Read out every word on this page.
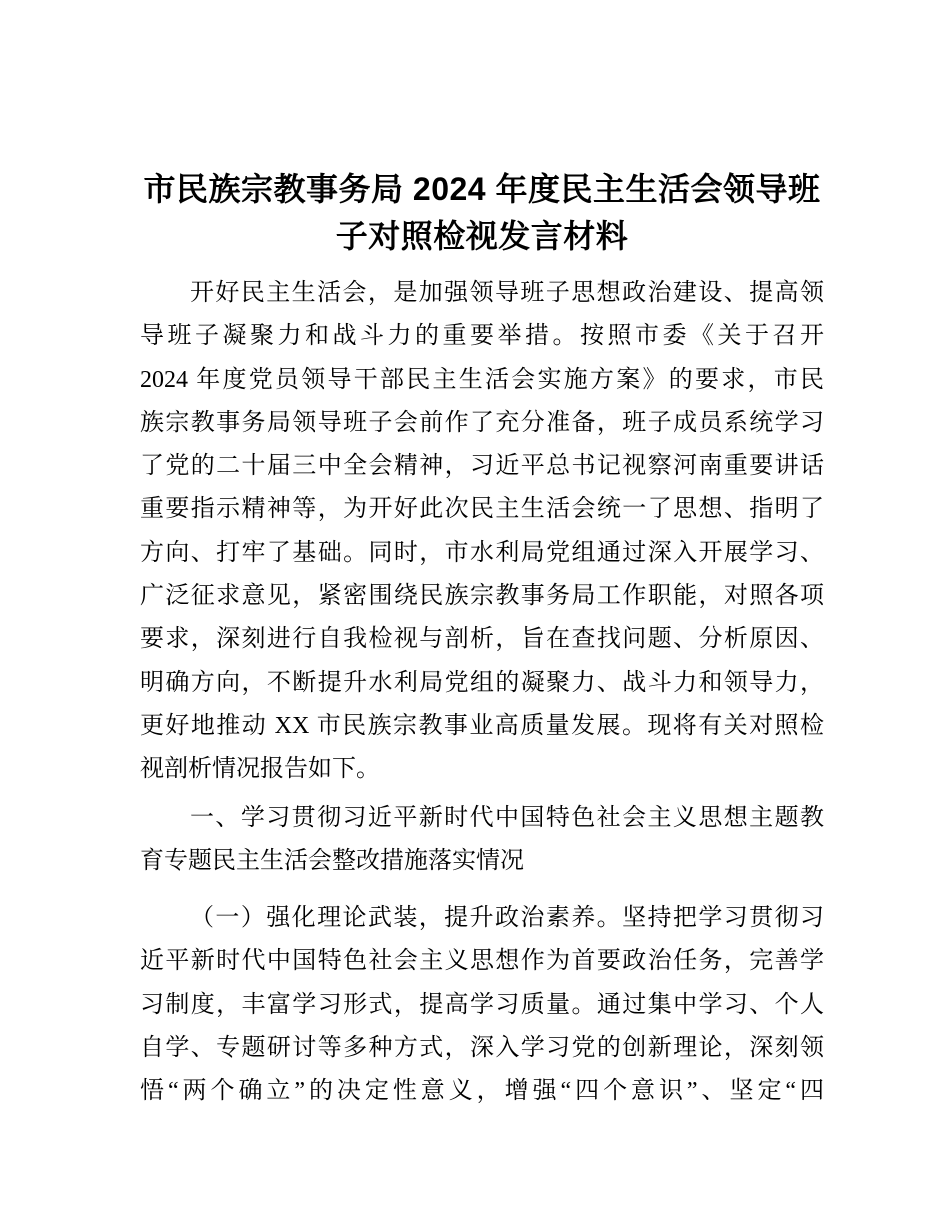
市民族宗教事务局 2024 年度民主生活会领导班
子对照检视发言材料
开好民主生活会，是加强领导班子思想政治建设、提高领
导班子凝聚力和战斗力的重要举措。按照市委《关于召开
2024 年度党员领导干部民主生活会实施方案》的要求，市民
族宗教事务局领导班子会前作了充分准备，班子成员系统学习
了党的二十届三中全会精神，习近平总书记视察河南重要讲话
重要指示精神等，为开好此次民主生活会统一了思想、指明了
方向、打牢了基础。同时，市水利局党组通过深入开展学习、
广泛征求意见，紧密围绕民族宗教事务局工作职能，对照各项
要求，深刻进行自我检视与剖析，旨在查找问题、分析原因、
明确方向，不断提升水利局党组的凝聚力、战斗力和领导力，
更好地推动 XX 市民族宗教事业高质量发展。现将有关对照检
视剖析情况报告如下。
一、学习贯彻习近平新时代中国特色社会主义思想主题教
育专题民主生活会整改措施落实情况
（一）强化理论武装，提升政治素养。坚持把学习贯彻习
近平新时代中国特色社会主义思想作为首要政治任务，完善学
习制度，丰富学习形式，提高学习质量。通过集中学习、个人
自学、专题研讨等多种方式，深入学习党的创新理论，深刻领
悟“两个确立”的决定性意义，增强“四个意识”、坚定“四
